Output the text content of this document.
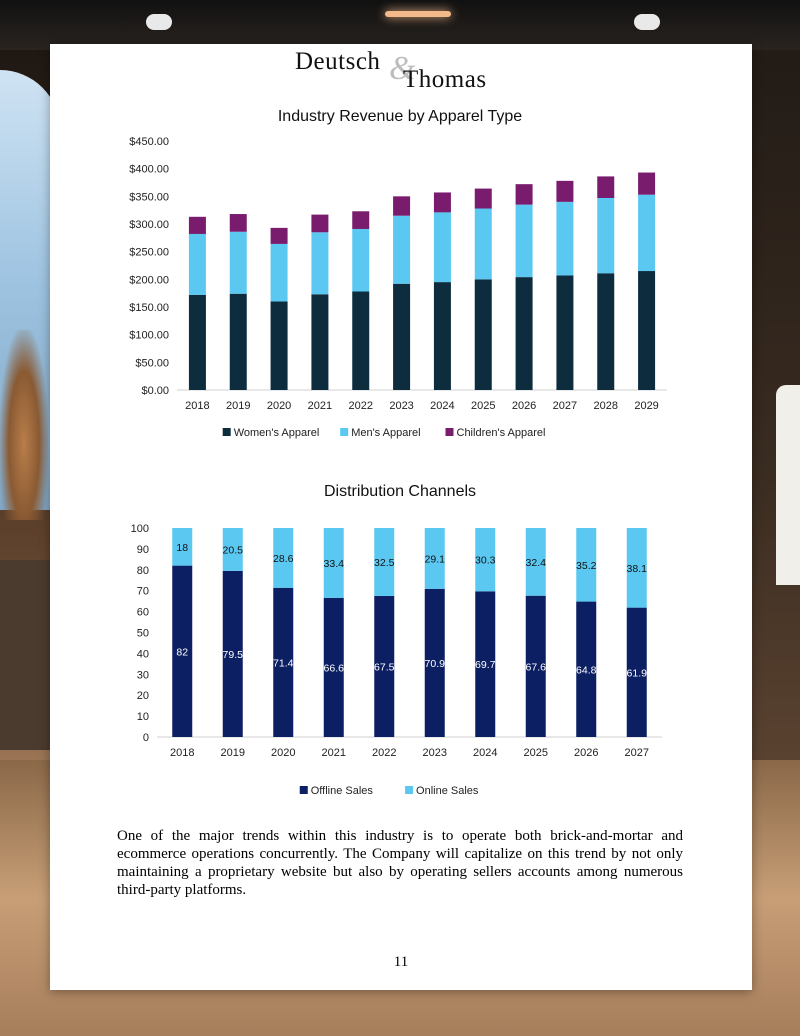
Deutsch &
Thomas
Industry Revenue by Apparel Type
$0.00
$50.00
$100.00
$150.00
$200.00
$250.00
$300.00
$350.00
$400.00
$450.00
2018 2019 2020 2021 2022 2023 2024 2025 2026 2027 2028 2029
Women's Apparel	Men's Apparel	Children's Apparel
Distribution Channels
0
10
20
30
40
50
60
70
80
90
100
82
18
2018
79.5
20.5
2019
71.4
28.6
2020
66.6
33.4
2021
67.5
32.5
2022
70.9
29.1
2023
69.7
30.3
2024
67.6
32.4
2025
64.8
35.2
2026
61.9
38.1
2027
Offline Sales	Online Sales

One of the major trends within this industry is to operate both brick-and-mortar and ecommerce operations concurrently. The Company will capitalize on this trend by not only maintaining a proprietary website but also by operating sellers accounts among numerous third-party platforms.

11
